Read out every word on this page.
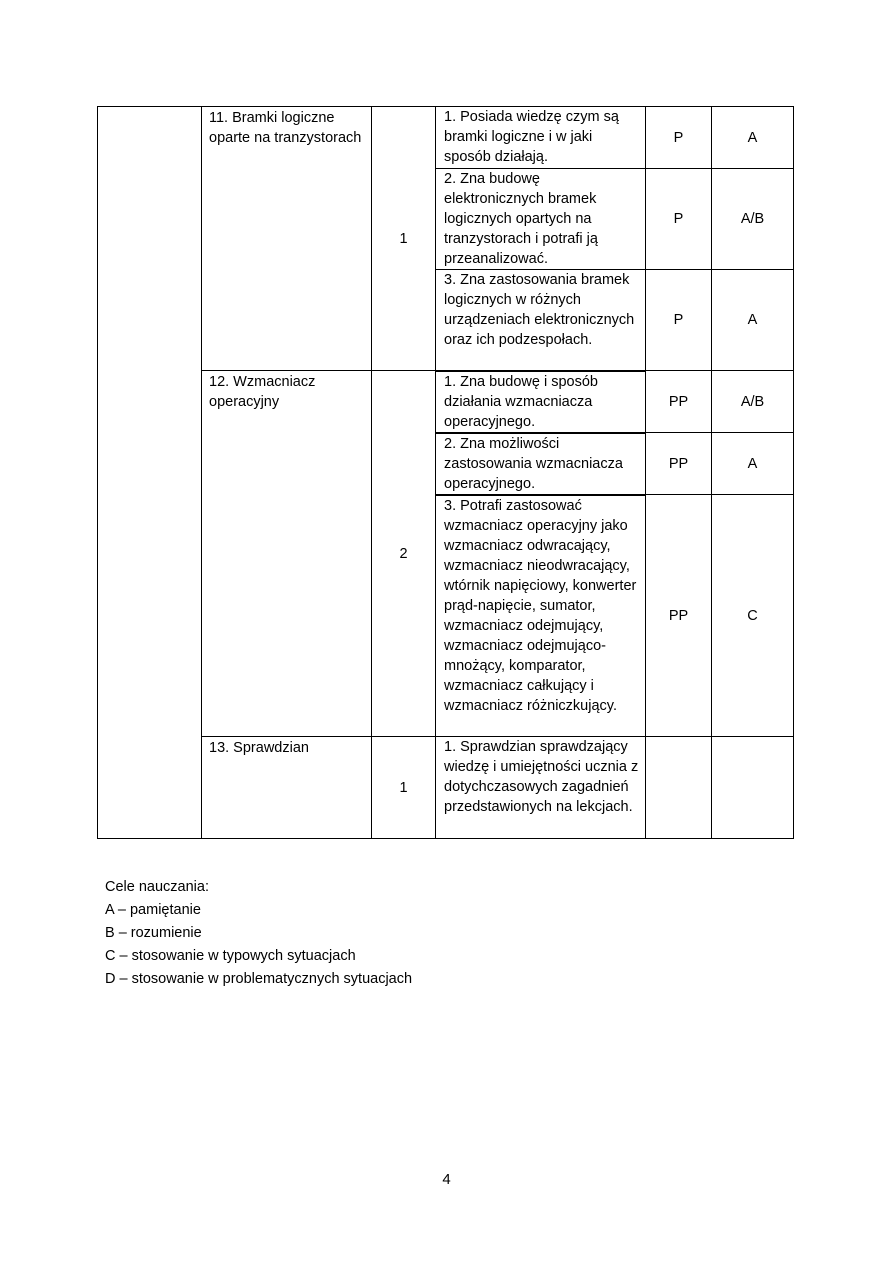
	11. Bramki logiczne oparte na tranzystorach	1	1. Posiada wiedzę czym są bramki logiczne i w jaki sposób działają.	P	A
			2. Zna budowę elektronicznych bramek logicznych opartych na tranzystorach i potrafi ją przeanalizować.	P	A/B
			3. Zna zastosowania bramek logicznych w różnych urządzeniach elektronicznych oraz ich podzespołach.	P	A
	12. Wzmacniacz operacyjny	2	1. Zna budowę i sposób działania wzmacniacza operacyjnego.	PP	A/B
			2. Zna możliwości zastosowania wzmacniacza operacyjnego.	PP	A
			3. Potrafi zastosować wzmacniacz operacyjny jako wzmacniacz odwracający, wzmacniacz nieodwracający, wtórnik napięciowy, konwerter prąd-napięcie, sumator, wzmacniacz odejmujący, wzmacniacz odejmująco-mnożący, komparator, wzmacniacz całkujący i wzmacniacz różniczkujący.	PP	C
	13. Sprawdzian	1	1. Sprawdzian sprawdzający wiedzę i umiejętności ucznia z dotychczasowych zagadnień przedstawionych na lekcjach.		
Cele nauczania:
A – pamiętanie
B – rozumienie
C – stosowanie w typowych sytuacjach
D – stosowanie w problematycznych sytuacjach
4
